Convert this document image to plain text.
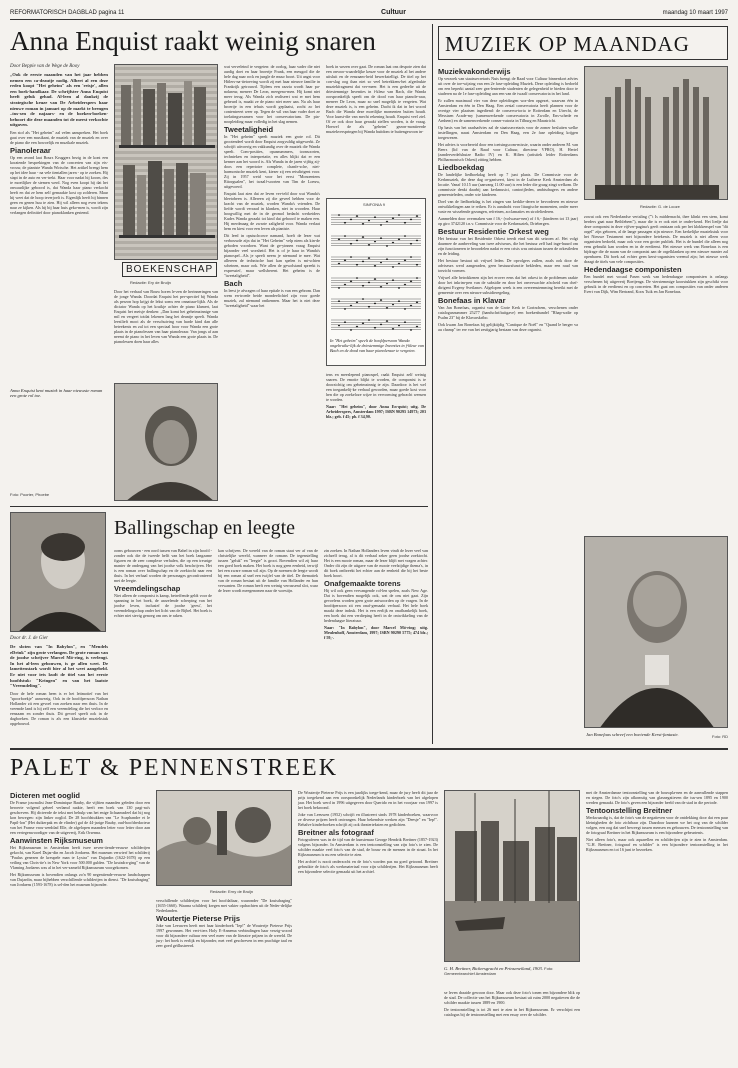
REFORMATORISCH DAGBLAD pagina 11	Cultuur	maandag 10 maart 1997
Anna Enquist raakt weinig snaren
Door Beppie van de Wege de Rooy

„Ook de eerste maanden van het jaar hebben nemen een ca-deautje nodig. Albert al een deze reden koopt "Het geheim" als een 'reisje', allen een boek-handkaar. De schrijfster Anna Enquist heeft geluk gehad. Al-leen al dankzij de strategische keuze van De Arbeiderspers haar nieuwe roman in januari op de markt te brengen –tus-sen de najaars- en de boeken-boeken- behoort die deze maanden tot de meest verkochte uitgaven.

Een stof als "Het geheim" zal velen aanspreken. Het boek gaat over een musikant, de muziek van de muziek en over de piano die een howoelijk en muzikale muziek.

Pianoleraar

Op een avond laat Bours Kruggers bezig in de kont een koraiende besprekingen van de concerten van zijn eis-vrouw, de pianiste Wanda Wirtsche. Het artikel brengt hem op het idee haar - na vele tientallen jaren - op te zoeken. Hij stapt in de auto en ver-trekt. Haar voor nadat hij koorn, des te moeilijker de stemen werd. Nog even koopt hij dat het onwaarlijke geboord is, dat Wanda haar piano verkocht heeft en dat ze hem zelf gemaakte kost op zolderen. Maar hij weet dat de hoop teverjoelt is. Eigenlijk heeft hij binnen geen en genen huu te zien. Hij wil alleen nog even tekens naar ze kijken. Als hij bij haar huis geko-men is, wordt zijn verlangen definitief door pianoklanken gestemd.

Anna Enquist kent muziek in haar nieuwste roman een grote rol toe.
Foto: Poorter, Phoebe
BOEKENSCHAP
Redactie: Ery de Bruijn
Door het verhaal van Bouw horen le-zen de herinneringen van de jonge Wanda. Doordat Enquist het per-spectief bij Wanda als perzon hop krijgt de lekst soms een onnatuur-lijkh. Als de dictator Wanda op het kruikje achter de piano klamert, laat Enquist het meisje denken: „Dan komt het geheimzinnige van mil en vergeet totdat lekenen lang het deuntje speelt. Wanda leestlieft mooi als de verschuiving van harde kind dan alle beteekenis en zal tot een speciaal hoor voor Wanda een grote plaats in de pianolessen van haar pianoleraar. Van jongs af aan neemt de piano in het leven van Wanda een grote plaats in. De pianolessen doen haar alles

wat verveleind te vergeten: de oorlog, haar vader die niet aardig doet en haar broertje Frank, een meugod die de hele dag naar rock en jungle de muur boort. Uit angst voor Hitlers-na-tietoeving wordt zij met haar nieuwe familie in Frankrijk getrouwd. Tijdens een razzia wordt haar pa-nokneur, meneer De Leon, meegeno-men. Hij komt niet meer terug. Als Wanda zich realiseert wat er met hem gebeurd is, maakt ze de piano niet meer aan. Na als haar broertje in een tehuis wordt geplaatst, zocht zo het contentreert weer op. Tegen de wil van haar vader doet ze toelatingsexamen voor het conservatorium. De pia-noopleiding maar volledig in het slag nemen.

Tweetaligheid

In "Het geheim" speelt muziek een grote rol. Dit grootendeel wordt door Enquist zorgvuldig uitgewerkt. Ze schrijft uitvoerig en vakkundig over de muziek die Wanda speelt. Com-posities, opusnummers, toonsoorten, technieken en interpretatie, en alles blijkt dat er een kenner aan het woord is. Als Wanda in de jaren vijftig zij-doos een repertoire complete, chanfe-sche, niet-harmonische muziek kent, kiezer zij een reisdirigent voor. Zij in 1957 weid voor het eerst "Monoentens Ritorgualen", het twaalf-soorten van Tim de Loeuw, uitgevoerd.

Enquist laat zien dat ze leven ver-teld door wat Wanda's bleetobeen is. Allereen zij die geveel hebben voor de kracht van de muziek, worden Wanda's vrienden. De liefde wordt verraad in klanken, niet in woorden. Haar hoogwillig met de in de geomol bedacht werkeiders Kudes Wanda geraakt tot kind dat geboord te maken een. Hij merdmaag de zwarte zaligheid voor. Wanda verlaat hem en kiest voor een leven als pianiste.

Dit leed in opstuchcowe namand, hoeft de lezer wat verbouwde zijn dat in "Het Geheim" velp niem als kin-de geboden voordoen. Want de ge-yinnen vraag Enquist bijzonder veel worsheid. Het is of je haar in Wanda's pianospel...Als je speelt neem je niemand te mee. Wat allereen de technische hart kan spelen is mi-schien scheinen, maar ook. Wie allen de gewolstand spreekt is expressief, maar wellsberent. Het geheim is de "tweetaligheid".

Bach

In leest je afvragen of haar epitale is van een gebrom. Dan wem en-troede beide mondeelichtel zijn voor goede muziek, zal niemand ontkennen. Maar het is niet deze "tweetaligheid" waar het

boek in wezen over gaat. De roman laat ons despote zien dat een onvoor-waardelijke keuze voor de muziek al het andere uitsluit en de eenzaam-heid bewerkstelligt. De titel op het con-slag oog than niet so veel betrekkens-het afgedrukte muziekfragment dat ver-meer. Het is een gedeelte uit de driestemmige Inventies in f-kleur van Bach, die Wanda oorspronkelijk speelt om de dood van haar pianole-raar, meneer De Leon, maar zo snel mogelijk te vergeten. Wat deze muziek is, is een geheim. Dacht ik dat in het woord Bach die Wanda deze moeilijke momenten buiten houdt. Voor kunst-die van mecht rekening houdt. Enquist veel ziel. Of ze ook door haar geraakt ziellen worden, is de vraag. Hoewel de als "geheim" gezon-montieerde muziekverspringen bij Wanda buitdom te buitengewoon in-
SINFONIA 9
In "Het geheim" speelt de hoofdpersoon Wanda ongebruike-lijk de driestemmige Inventies in f-kleur van Bach en de dood van haar pianoleraar te vergeten.

tens en meeslepend pianospel, raakt Enquist zelf weinig snaren. De emotie blijkt te worden, de componist is te doorzichtig om geheimzinnig te zijn. Daardoor is het wel een toegankelij-ke verhaal geworden, maar goede kost voor hen die op zoekeloze wijze in vervorming gebracht wensen te worden.

Naar: "Het geheim", door Anna En-quist; uitg. De Arbeiderspers, Amsterdam 1997; ISBN 90295 14973; 203 blz.; geb. f 45; pb. f 34,90.

MUZIEK OP MAANDAG
Muziekvakonderwijs

Op verzoek van staatssecretaris Nuis brengt de Raad voor Cultuur binnenkort advies uit over de toe-wijzing van een 2e fase-opleiding Muziek. Deze opleiding is bedoeld om een beperkt aantal zeer gea-lenteerde studenten de gelegenheid te bieden door te studeren na de 1e fase-opleiding aan een van de twaalf conservatoria in het land.

Er zullen maximaal vier van deze opleidingen wor-den opgezet, waarvan één in Amsterdam en één in Den Haag. Een zestal conservatoria heeft plannen voor de overige vier plaatsen ingediend: de conserva-toria te Rotterdam en Utrecht, de Messiaen Acade-my (samenwerkende conservatoria in Zwolle, Ens-schede en Arnhem) en de samenwerkende conser-vatoria in Tilburg en Maastricht.

Op basis van het raadsadvies zal de staatssecretaris voor de zomer besluiten welke instellingen, naast Amsterdam en Den Haag, een 2e fase opleiding krijgen toegewezen.

Het advies is voorbereid door een toetsingscom-missie, waarin onder anderen M. van Beers (lid van de Raad voor Cultuur, directeur VPRO), H. Hertel (zanderverdelshuize Radio IV) en K. Hilten (artistiek leider Rotterdams Philharmonisch Orkest) zitting hebben.

Liedboekdag

De landelijke liedboekdag heeft op 7 juni plaats. De Commissie voor de Kerkmuziek, die deze dag or-ganiseert, kiest in de Lutherse Kerk Amsterdam als locatie. Vanaf 10.15 uur (aanvang 11.00 uur) is een leder die graag zingt welkom. De commissie denkt daarbij aan kerkmusici, cantorijleden, ambtsdragers en andere gemeenteleden, onder wie kinderen.

Doel van de liedboekdag is het zingen van kerklie-deren te bevorderen en nieuwe ontwikkelingen aan te reiken. Er is aandacht voor liturgische momenten, onder meer vaste en wisselende gezangen, refreinen, acclamaties en strofeliederen.

Aanmelden door overmaken van f 16,- (volwasse-nen) of f 6,- (kinderen tot 13 jaar) op giro 3742120 t.n.v. Commissie voor de Kerkmuziek, Driebergen.

Bestuur Residentie Orkest weg

Het bestuur van het Residentie Orkest treedt eind van dit seizoen af. Het volgt daarmee de aanbeveling van twee adviseurs, die het bestuur zelf had inge-huurd om zijn functioneren te beoordelen nadat er een crisis was ontstaan tussen de orkestleden en de leiding.

Het bestuur bestaat uit vrijwel leden. De opvolgers zullen, zoals ook door de adviseurs werd aangeraden, geen bestuursfunctie bekleden, maar een raad van toezicht vormen.

Vrijwel alle betrokkenen zijn het erover eens dat het orkest in de problemen raakte door het inkrim-pen van de subsidie en door het onverwachte afscheid van chef-dirigent Evgeny Svetlanov. Afgelopen week is een overeenstemming bereikt met de gemeente over een nieuwe subsidieregeling.

Bonefaas in Klavar

Van Jan Bonefaas, organist van de Grote Kerk te Gorinchem, verschenen onder catalogusnummer 25277 (handschriftuitgave) een boekenbundel "Rhap-sodie op Psalm 23" bij de Klavarskribo.

Ook kwam Jan Bonefaas bij gelijktijdig "Cantique de Noël" en "Quand le berger va au champ" ter ere van het zestigjarig bestaan van deze organist.

Redactie: G. de Looze

zowat ook een Nederlandse vertaling ("'t Is middernacht, thee klinkt een stem, komt herders gaat naar Bethlehem"), maar die is er ook niet te onder-kend. Het liedje dat deze componist in deze vijfver-pagina's geeft ontstaan ook per het klokkenspel van "dit orgel" zijn geboren, al de lange passagen zijn nieuwe. Een kerkelijke muziekstuk voor het Nieuwe Testament met bijzondere betekenis. De muziek is niet alleen voor organisten bedoeld, maar ook voor een groter publiek. Het is de bundel die alleen nog eens gebruikt kan worden en in de eredienst. Het nieuwe werk van Bonefaas is een bijdrage die de naam van de componist aan de orgelklanken op een nieuwe manier zal openbaren. Dit boek zal echter geen kerst-organisten vreemd zijn; het nieuwe werk draagt de titels van vele composities.

Hedendaagse componisten

Een bundel met vocaal Pasen werk van hedendaagse componisten is onlangs verschenen bij uitgeverij Boeijenga. De vierstemmige koorstukken zijn geschikt voor gebruik in de eredienst en op concerten. Het gaat om composities van onder anderen Evert van Dijk, Wim Bertrand, Koos Tuik en Jan Bonefaas.

Jan Bonefaas schreef een boeiende Kerst-fantasie.	Foto: RD
Ballingschap en leegte
Door dr. J. de Gier

De sloten van "In Babylon", en "Mendels eDrink" zijn grote verlangen. De grote roman van de joodse schrijver Marcel Mö-ring, is verlengt. In het al-leen gebouwen, is ge allen weet. De lamettenstark wordt hier al het weet aangebeld. Er niet voor iets kudt de titel van het eerste hoofdstuk: "Kringen" en van het laatste "Vreemdeling".

Door de hele roman heen is er het leitmotief van het "spoorboekje" aanwezig. Ook in de hoofdpersoon Nathan Hollander zit een gevoel van zoeken naar een thuis. In de vreemde land is hij zelf een vreemdeling die het verloor en eenzaam en zonder thuis. Dit gevoel speelt ook in de dagboeken. De roman is als een klassieke muziekstuk opgebouwd.

ooms gebouwen - een oord tussen van Babel in zijn hoofd - zonder ook die de tweede helft van het boek langzame figuren en de zeer complexe verhalen, die op een treurige manier de ondergang van het joodse volk beschrijven. Het is een roman over ballingschap en de zoektocht naar een thuis. In het verhaal worden de personages geconfronteerd met de leegte.

Vreemdelingschap

Niet alleen de componist is kamp, betreffende geldt voor de spanning in het boek, de aarzelende scherping van het joodse leven, inclusief de joodse 'geest', het vreemdelingschap onder het licht van de Bijbel. Het boek is echter niet stevig genoeg om ons te raken.

kan schrijven. De wereld van de roman staat ver af van de christelijke wereld, wanneer de romans De tegenstelling tussen "geluk" en "leegte" is groot. Bovendien wil zij haar een goed boek maken. Het boek is nog geen eenheid, terwijl het een zware roman wil zijn. Op de noemen de leegte wordt bij een roman al snel een twijfel van de titel. De thematiek van de roman bestaat uit de familie van Hollander en hun verwanten. De roman heeft een weinig verrassend slot, waar de lezer wordt meegenomen naar de woestijn.

zin zoeken. In Nathan Hollanders leven vindt de lezer veel van zichzelf terug, al is dit verhaal zeker geen joodse zoektocht. Het is een mooie roman, maar de lezer blijft met vragen achter. Onder dit zijn de uitgave van de mooie veelzijdige thema's, in dit boek ontbreekt het echter aan de eenheid die bij het beste boek hoort.

Onafgemaakte torens

Hij wil ook geen vervangende rol-len spelen, zoals New Age. Dat is bovendien mogelijk ook, wat de ons niet gaat. Zijn gevoelens worden geen grote antwoorden op de vragen. In de hoofdpersoon zit een onaf-gemaakt verhaal. Het hele boek maakt deze indruk. Het is een eerlijk en onafhankelijk boek, een boek dat een verdieping heeft in de ontwikkeling van de hedendaagse literatuur.

Naar: "In Babylon", door Marcel Mö-ring; uitg. Meulenhoff, Amsterdam, 1997; ISBN 90290 5775; 474 blz.; f 59,-.

PALET & PENNENSTREEK
Dicteren met ooglid

De Franse journalist Jean-Dominique Bauby, die vijftien maanden geleden door een beroerte volgend geheel verlamd raakte, heeft een boek van 130 pagi-na's geschreven. Hij dicteerde de tekst met behulp van het enige lichaamsdeel dat hij nog kon bewegen: zijn linker ooglid. De 28 hoofdstukken van "Le Scaphandre et le Papil-lon" (Het duikerpak en de vlinder) gaf de 44-jarige Bauby, oud-hoofdredacteur van het Franse vrou-wenblad Elle, de afgelopen maanden letter voor letter door aan een vertegenwoordiger van de uitgeverij, Erik Orsenna.

Aanwinsten Rijksmuseum

Het Rijksmuseum in Amsterdam heeft twee zeven-tiende-eeuwse schilderijen gekocht, van Karel Dujar-din en Jacob Jordaens. Het museum verwierf het schilderij "Paulus genezen de kreupele man te Lystra" van Dujardin (1622-1678) op een veiling van Chris-tie's in New York voor 500.000 gulden. "De kruisdra-ging" van de Vlaming Jordaens was al in het ver-zameld Rijksmuseum voorgekomen.

Het Rijksmuseum is bovendien onlangs zo'n 90 negentiende-eeuwse landschappen van Dujardin, maar bijhebben verschillende schilderijen in dienst. "De kruisdraging" van Jordaens (1593-1678) is sel-den het museum bijzonder.

Redactie: Erny de Bruijn

verschillende schilderijen voor het hoofdaltaar, waaronder "De kruisdraging" (1655-1660). Waarna schilderij kregen met vakter opdrachten uit de Neder-delijke Nederlanden.

Woutertje Pieterse Prijs

Joke van Leeuwen heeft met haar kinderboek "Iep!" de Woutertje Pieterse Prijs 1997 gewonnen. Het vert-tiers Holy E-Annema verbindingen haar verzig-woord voor dit bijzondere cultuur een veel meer van de literaire prijzen in de wereld. De jury: het boek is eerlijk en bijzonder, met veel geschreven in een prachtige taal en zeer goed geïllustreerd.

De Woutertje Pieterse Prijs is een jaarlijks toege-kend, maar de jury heeft dit jaar de prijs toegekend aan een oorspronkelijk Nederlands kinderboek van het afgelopen jaar. Het boek werd in 1996 uitgegeven door Querido en in het voorjaar van 1997 is het boek bekroond.

Joke van Leeuwen (1952) schrijft en illustreert sinds 1978 kinderboeken, waarvoor ze diverse prijzen heeft ontvangen. Haar bekendste werken zijn "Deesje" en "Iep!". Behalve kinderboeken schrijft zij ook theaterteksten en gedichten.

Breitner als fotograaf

Fotograferen was in de tijd van de kunstenaar George Hendrik Breitner (1857-1923) volgens bijzonder. In Amsterdam is een tentoonstelling van zijn foto's te zien. De schilder maakte veel foto's van de stad, de bouw en de mensen in de straat. In het Rijksmuseum is nu een selectie te zien.

Het archief is nooit onderzocht en de foto's worden pas nu goed getoond. Breitner gebruikte de foto's als werkmateriaal voor zijn schilderijen. Het Rijksmuseum heeft een bijzondere selectie gemaakt uit het archief.

G. H. Breitner, Bickersgracht en Prinseneiland, 1903. Foto: Gemeentearchief Amsterdam

se leven draaide gewoon door. Maar ook deze foto's tonen een bijzondere blik op de stad. De collectie van het Rijksmuseum bestaat uit ruim 2000 negatieven die de schilder maakte tussen 1889 en 1900.

De tentoonstelling is tot 26 mei te zien in het Rijksmuseum. Er verschijnt een catalogus bij de tentoonstelling met een essay over de schilder.

met de Amsterdamse tentoonstelling van de bouwpla-nen en de aanvullende stappen en stegen. De foto's zijn afkomstig van glasnegatieven die tus-sen 1895 en 1900 werden gemaakt. De foto's geven een bijzonder beeld van de stad in die periode.

Tentoonstelling Breitner

Merkwaardig is, dat de foto's van de negatieven voor de ontdekking door dat een paar kleinigheden de foto zichtbaar zijn. Daardoor kunnen we het oog van de schilder volgen, een oog dat snel beweegt tussen mensen en gebouwen. De tentoonstelling van de fotograaf Breitner in het Rijksmuseum is een bijzondere gebeurtenis.

Niet alleen foto's, maar ook aquarellen en schilderijen zijn te zien in Amsterdam. "G.H. Breitner, fotograaf en schilder" is een bijzondere tentoonstelling in het Rijksmuseum en tot 16 juni te bezoeken.
